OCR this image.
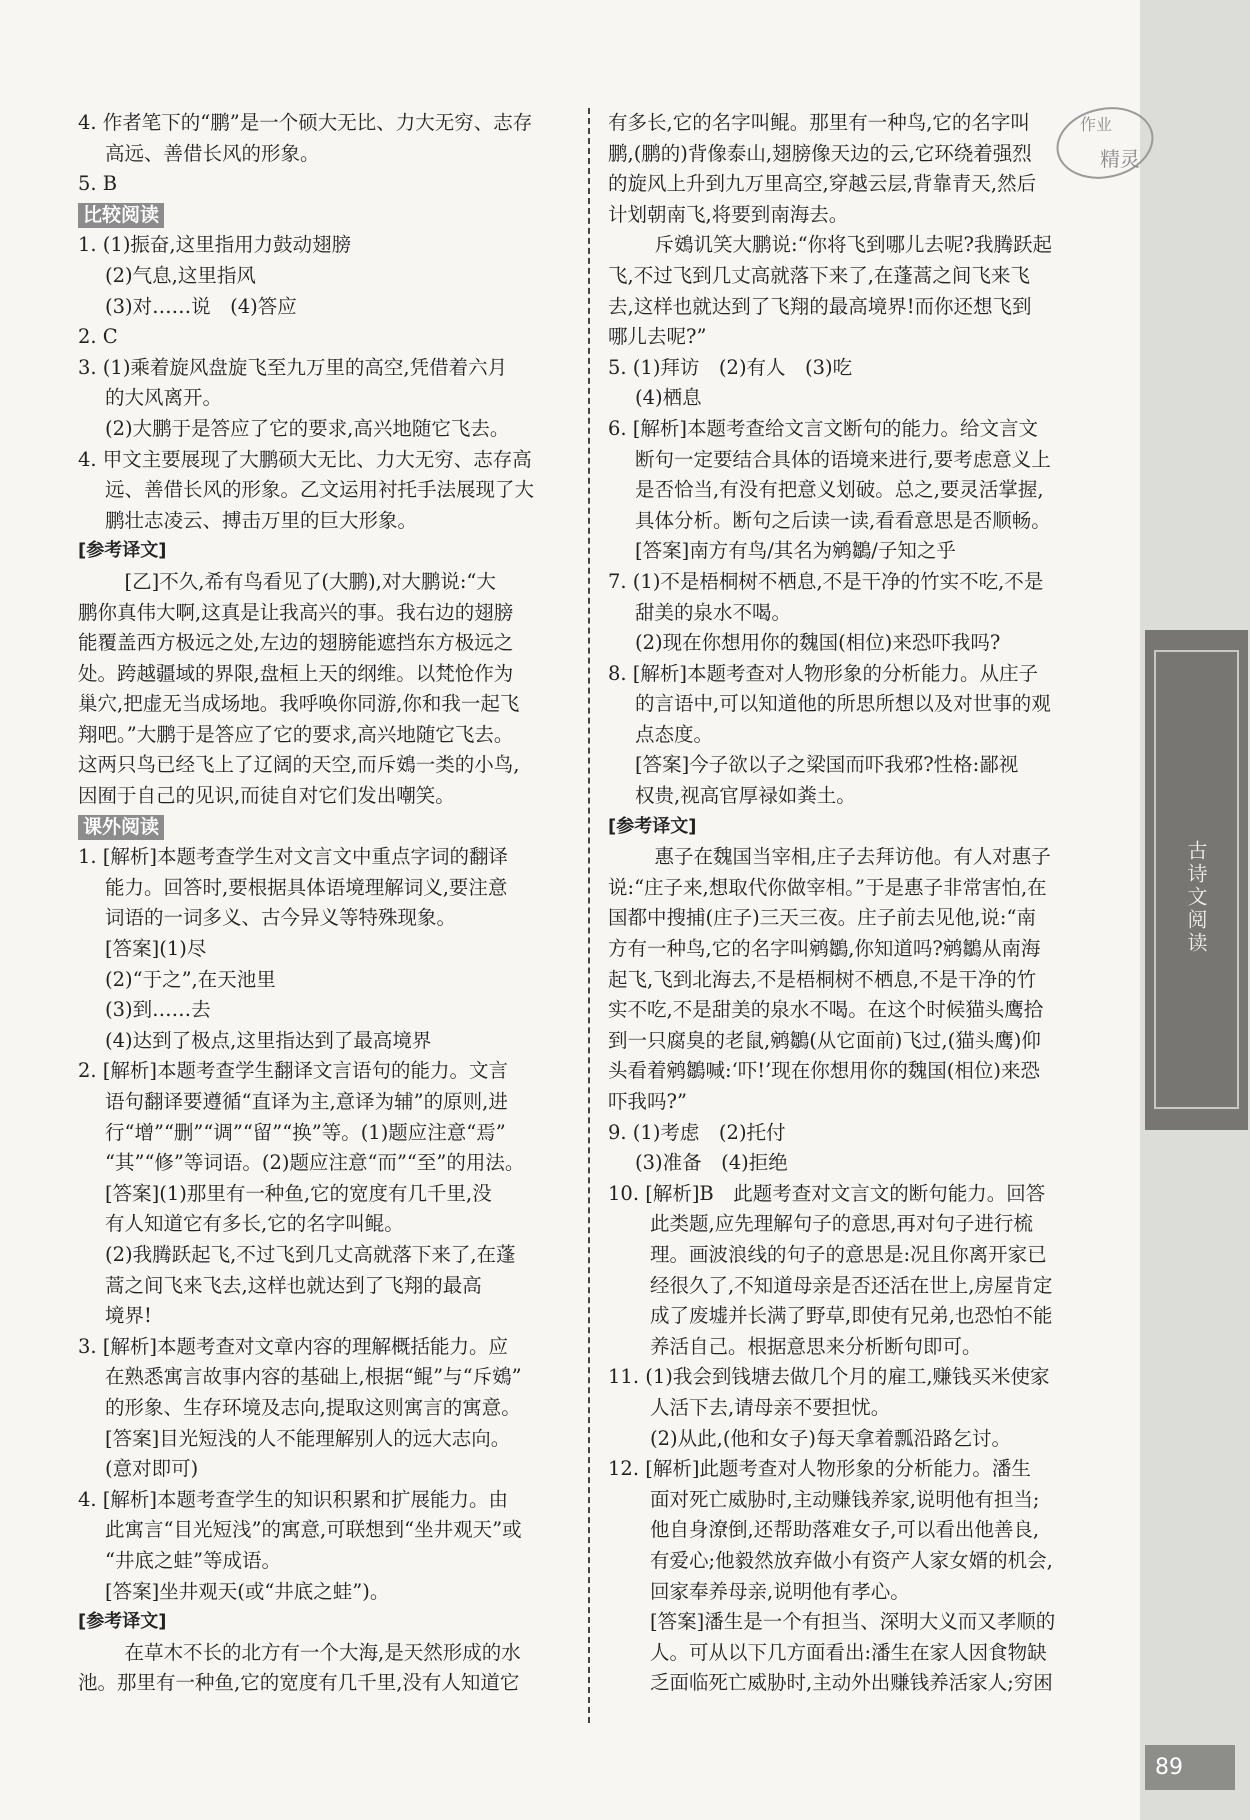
4. 作者笔下的“鹏”是一个硕大无比、力大无穷、志存
高远、善借长风的形象。
5. B
比较阅读
1. (1)振奋,这里指用力鼓动翅膀
(2)气息,这里指风
(3)对……说　(4)答应
2. C
3. (1)乘着旋风盘旋飞至九万里的高空,凭借着六月
的大风离开。
(2)大鹏于是答应了它的要求,高兴地随它飞去。
4. 甲文主要展现了大鹏硕大无比、力大无穷、志存高
远、善借长风的形象。乙文运用衬托手法展现了大
鹏壮志凌云、搏击万里的巨大形象。
[参考译文]
　[乙]不久,希有鸟看见了(大鹏),对大鹏说:“大
鹏你真伟大啊,这真是让我高兴的事。我右边的翅膀
能覆盖西方极远之处,左边的翅膀能遮挡东方极远之
处。跨越疆域的界限,盘桓上天的纲维。以梵怆作为
巢穴,把虚无当成场地。我呼唤你同游,你和我一起飞
翔吧。”大鹏于是答应了它的要求,高兴地随它飞去。
这两只鸟已经飞上了辽阔的天空,而斥鴳一类的小鸟,
因囿于自己的见识,而徒自对它们发出嘲笑。
课外阅读
1. [解析]本题考查学生对文言文中重点字词的翻译
能力。回答时,要根据具体语境理解词义,要注意
词语的一词多义、古今异义等特殊现象。
[答案](1)尽
(2)“于之”,在天池里
(3)到……去
(4)达到了极点,这里指达到了最高境界
2. [解析]本题考查学生翻译文言语句的能力。文言
语句翻译要遵循“直译为主,意译为辅”的原则,进
行“增”“删”“调”“留”“换”等。(1)题应注意“焉”
“其”“修”等词语。(2)题应注意“而”“至”的用法。
[答案](1)那里有一种鱼,它的宽度有几千里,没
有人知道它有多长,它的名字叫鲲。
(2)我腾跃起飞,不过飞到几丈高就落下来了,在蓬
蒿之间飞来飞去,这样也就达到了飞翔的最高
境界!
3. [解析]本题考查对文章内容的理解概括能力。应
在熟悉寓言故事内容的基础上,根据“鲲”与“斥鴳”
的形象、生存环境及志向,提取这则寓言的寓意。
[答案]目光短浅的人不能理解别人的远大志向。
(意对即可)
4. [解析]本题考查学生的知识积累和扩展能力。由
此寓言“目光短浅”的寓意,可联想到“坐井观天”或
“井底之蛙”等成语。
[答案]坐井观天(或“井底之蛙”)。
[参考译文]
　在草木不长的北方有一个大海,是天然形成的水
池。那里有一种鱼,它的宽度有几千里,没有人知道它
有多长,它的名字叫鲲。那里有一种鸟,它的名字叫
鹏,(鹏的)背像泰山,翅膀像天边的云,它环绕着强烈
的旋风上升到九万里高空,穿越云层,背靠青天,然后
计划朝南飞,将要到南海去。
　斥鴳讥笑大鹏说:“你将飞到哪儿去呢?我腾跃起
飞,不过飞到几丈高就落下来了,在蓬蒿之间飞来飞
去,这样也就达到了飞翔的最高境界!而你还想飞到
哪儿去呢?”
5. (1)拜访　(2)有人　(3)吃
(4)栖息
6. [解析]本题考查给文言文断句的能力。给文言文
断句一定要结合具体的语境来进行,要考虑意义上
是否恰当,有没有把意义划破。总之,要灵活掌握,
具体分析。断句之后读一读,看看意思是否顺畅。
[答案]南方有鸟/其名为鹓鶵/子知之乎
7. (1)不是梧桐树不栖息,不是干净的竹实不吃,不是
甜美的泉水不喝。
(2)现在你想用你的魏国(相位)来恐吓我吗?
8. [解析]本题考查对人物形象的分析能力。从庄子
的言语中,可以知道他的所思所想以及对世事的观
点态度。
[答案]今子欲以子之梁国而吓我邪?性格:鄙视
权贵,视高官厚禄如粪土。
[参考译文]
　惠子在魏国当宰相,庄子去拜访他。有人对惠子
说:“庄子来,想取代你做宰相。”于是惠子非常害怕,在
国都中搜捕(庄子)三天三夜。庄子前去见他,说:“南
方有一种鸟,它的名字叫鹓鶵,你知道吗?鹓鶵从南海
起飞,飞到北海去,不是梧桐树不栖息,不是干净的竹
实不吃,不是甜美的泉水不喝。在这个时候猫头鹰拾
到一只腐臭的老鼠,鹓鶵(从它面前)飞过,(猫头鹰)仰
头看着鹓鶵喊:‘吓!’现在你想用你的魏国(相位)来恐
吓我吗?”
9. (1)考虑　(2)托付
(3)准备　(4)拒绝
10. [解析]B　此题考查对文言文的断句能力。回答
此类题,应先理解句子的意思,再对句子进行梳
理。画波浪线的句子的意思是:况且你离开家已
经很久了,不知道母亲是否还活在世上,房屋肯定
成了废墟并长满了野草,即使有兄弟,也恐怕不能
养活自己。根据意思来分析断句即可。
11. (1)我会到钱塘去做几个月的雇工,赚钱买米使家
人活下去,请母亲不要担忧。
(2)从此,(他和女子)每天拿着瓢沿路乞讨。
12. [解析]此题考查对人物形象的分析能力。潘生
面对死亡威胁时,主动赚钱养家,说明他有担当;
他自身潦倒,还帮助落难女子,可以看出他善良,
有爱心;他毅然放弃做小有资产人家女婿的机会,
回家奉养母亲,说明他有孝心。
[答案]潘生是一个有担当、深明大义而又孝顺的
人。可从以下几方面看出:潘生在家人因食物缺
乏面临死亡威胁时,主动外出赚钱养活家人;穷困
古诗文阅读
89
作业
精灵
